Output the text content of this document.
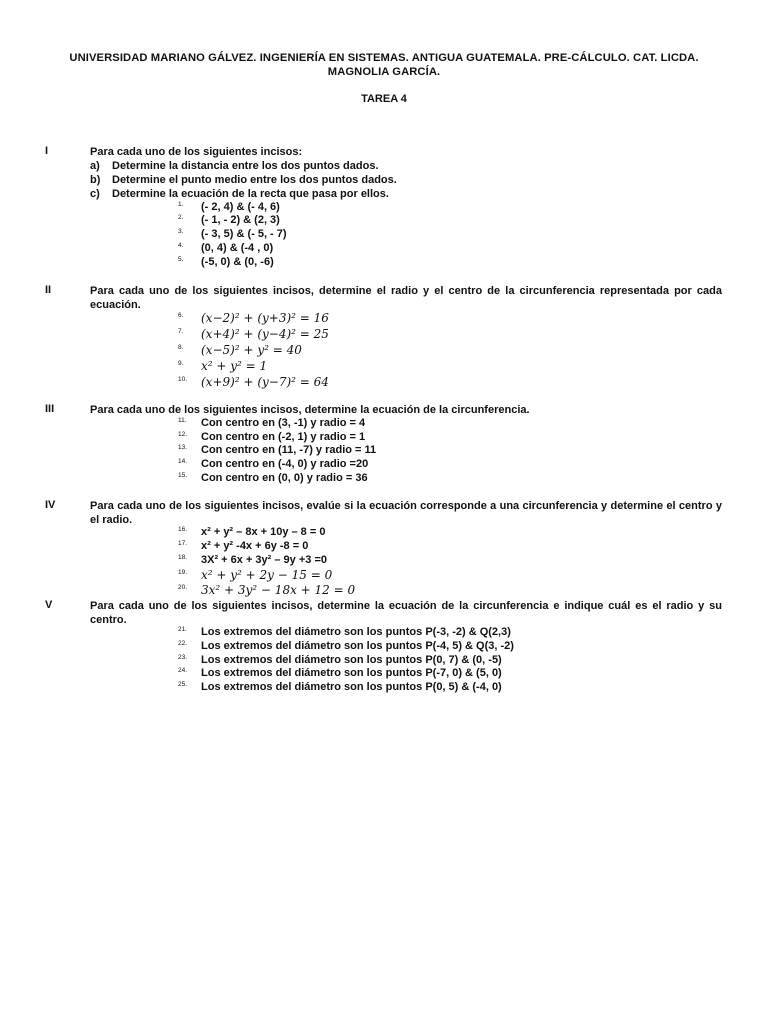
UNIVERSIDAD MARIANO GÁLVEZ. INGENIERÍA EN SISTEMAS. ANTIGUA GUATEMALA. PRE-CÁLCULO. CAT. LICDA. MAGNOLIA GARCÍA.
TAREA 4
I	Para cada uno de los siguientes incisos:
a) Determine la distancia entre los dos puntos dados.
b) Determine el punto medio entre los dos puntos dados.
c) Determine la ecuación de la recta que pasa por ellos.
1. (- 2, 4) & (- 4, 6)
2. (- 1, - 2) & (2, 3)
3. (- 3, 5) & (- 5, - 7)
4. (0, 4) & (-4 , 0)
5. (-5, 0) & (0, -6)
II	Para cada uno de los siguientes incisos, determine el radio y el centro de la circunferencia representada por cada ecuación.
6. (x−2)² + (y+3)² = 16
7. (x+4)² + (y−4)² = 25
8. (x−5)² + y² = 40
9. x² + y² = 1
10. (x+9)² + (y−7)² = 64
III	Para cada uno de los siguientes incisos, determine la ecuación de la circunferencia.
11. Con centro en (3, -1) y radio = 4
12. Con centro en (-2, 1) y radio = 1
13. Con centro en (11, -7) y radio = 11
14. Con centro en (-4, 0) y radio =20
15. Con centro en (0, 0) y radio = 36
IV	Para cada uno de los siguientes incisos, evalúe si la ecuación corresponde a una circunferencia y determine el centro y el radio.
16. x² + y² – 8x + 10y – 8 = 0
17. x² + y² -4x + 6y -8 = 0
18. 3X² + 6x + 3y² – 9y +3 =0
19. x² + y² + 2y − 15 = 0
20. 3x² + 3y² − 18x + 12 = 0
V	Para cada uno de los siguientes incisos, determine la ecuación de la circunferencia e indique cuál es el radio y su centro.
21. Los extremos del diámetro son los puntos P(-3, -2) & Q(2,3)
22. Los extremos del diámetro son los puntos P(-4, 5) & Q(3, -2)
23. Los extremos del diámetro son los puntos P(0, 7) & (0, -5)
24. Los extremos del diámetro son los puntos P(-7, 0) & (5, 0)
25. Los extremos del diámetro son los puntos P(0, 5) & (-4, 0)
